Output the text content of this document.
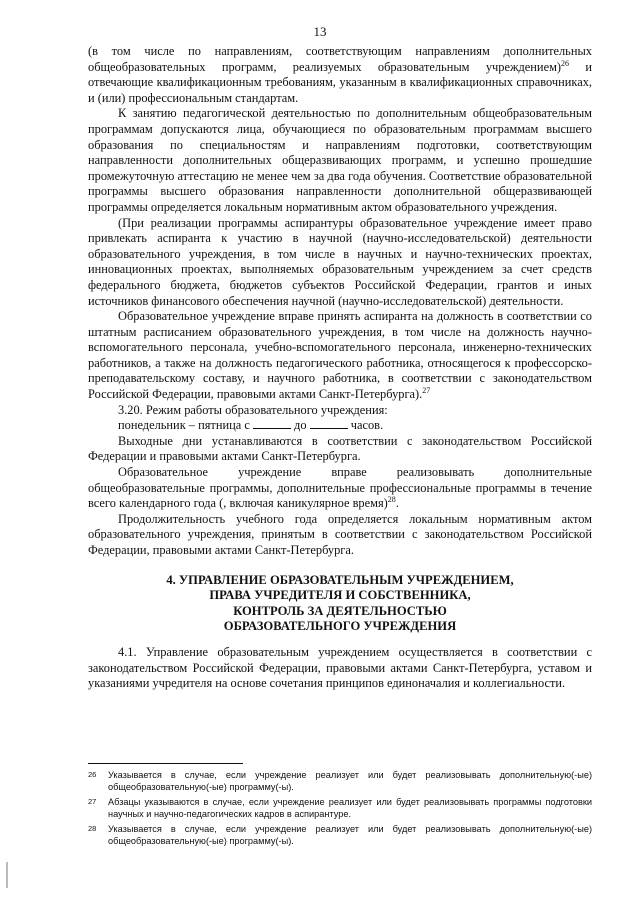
13

(в том числе по направлениям, соответствующим направлениям дополнительных общеобразовательных программ, реализуемых образовательным учреждением)$^{26}$ и отвечающие квалификационным требованиям, указанным в квалификационных справочниках, и (или) профессиональным стандартам.

К занятию педагогической деятельностью по дополнительным общеобразовательным программам допускаются лица, обучающиеся по образовательным программам высшего образования по специальностям и направлениям подготовки, соответствующим направленности дополнительных общеразвивающих программ, и успешно прошедшие промежуточную аттестацию не менее чем за два года обучения. Соответствие образовательной программы высшего образования направленности дополнительной общеразвивающей программы определяется локальным нормативным актом образовательного учреждения.

(При реализации программы аспирантуры образовательное учреждение имеет право привлекать аспиранта к участию в научной (научно-исследовательской) деятельности образовательного учреждения, в том числе в научных и научно-технических проектах, инновационных проектах, выполняемых образовательным учреждением за счет средств федерального бюджета, бюджетов субъектов Российской Федерации, грантов и иных источников финансового обеспечения научной (научно-исследовательской) деятельности.

Образовательное учреждение вправе принять аспиранта на должность в соответствии со штатным расписанием образовательного учреждения, в том числе на должность научно-вспомогательного персонала, учебно-вспомогательного персонала, инженерно-технических работников, а также на должность педагогического работника, относящегося к профессорско-преподавательскому составу, и научного работника, в соответствии с законодательством Российской Федерации, правовыми актами Санкт-Петербурга).$^{27}$

3.20. Режим работы образовательного учреждения:

понедельник – пятница с	до	часов.

Выходные дни устанавливаются в соответствии с законодательством Российской Федерации и правовыми актами Санкт-Петербурга.

Образовательное учреждение вправе реализовывать дополнительные общеобразовательные программы, дополнительные профессиональные программы в течение всего календарного года (, включая каникулярное время)$^{28}$.

Продолжительность учебного года определяется локальным нормативным актом образовательного учреждения, принятым в соответствии с законодательством Российской Федерации, правовыми актами Санкт-Петербурга.

4. УПРАВЛЕНИЕ ОБРАЗОВАТЕЛЬНЫМ УЧРЕЖДЕНИЕМ,
ПРАВА УЧРЕДИТЕЛЯ И СОБСТВЕННИКА,
КОНТРОЛЬ ЗА ДЕЯТЕЛЬНОСТЬЮ
ОБРАЗОВАТЕЛЬНОГО УЧРЕЖДЕНИЯ

4.1. Управление образовательным учреждением осуществляется в соответствии с законодательством Российской Федерации, правовыми актами Санкт-Петербурга, уставом и указаниями учредителя на основе сочетания принципов единоначалия и коллегиальности.

26	Указывается в случае, если учреждение реализует или будет реализовывать дополнительную(-ые) общеобразовательную(-ые) программу(-ы).
27	Абзацы указываются в случае, если учреждение реализует или будет реализовывать программы подготовки научных и научно-педагогических кадров в аспирантуре.
28	Указывается в случае, если учреждение реализует или будет реализовывать дополнительную(-ые) общеобразовательную(-ые) программу(-ы).
